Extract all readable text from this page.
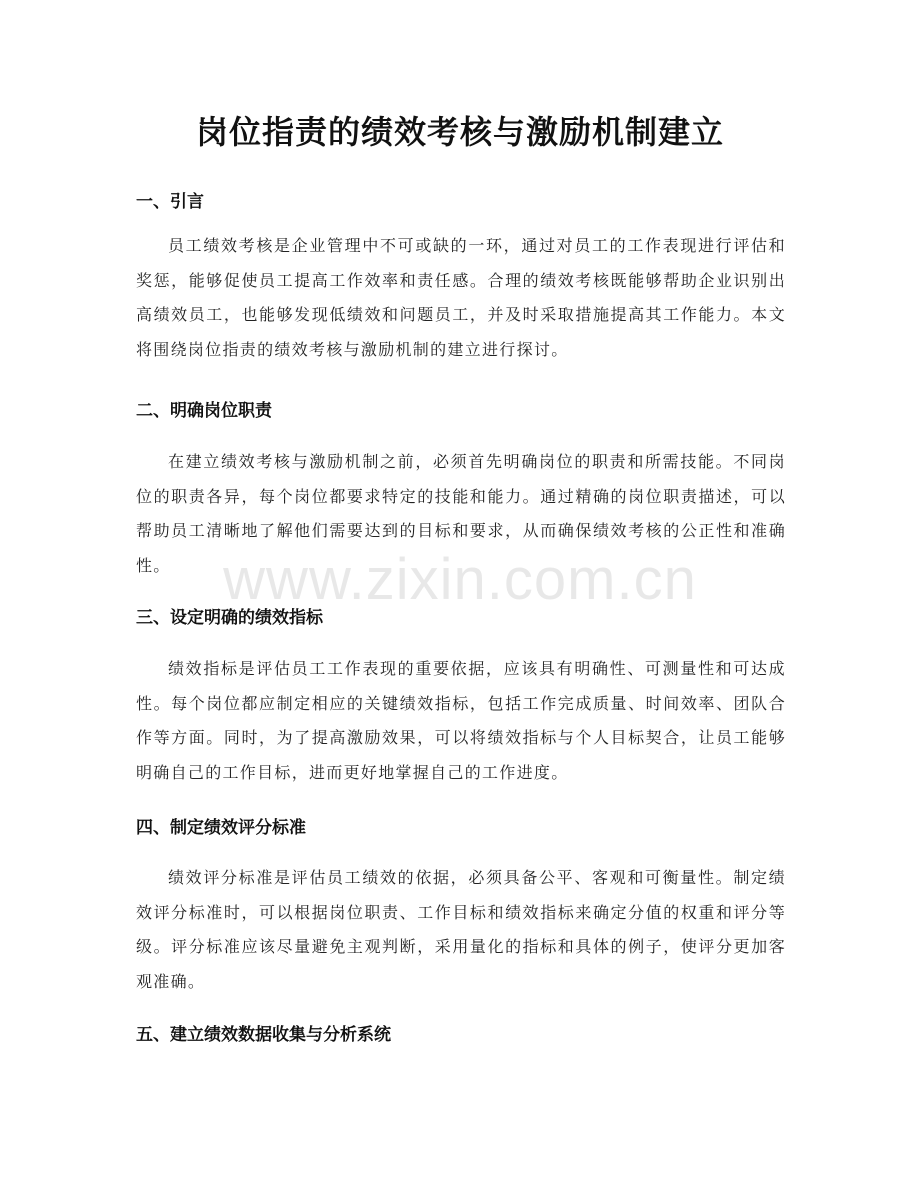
www.zixin.com.cn
岗位指责的绩效考核与激励机制建立
一、引言

员工绩效考核是企业管理中不可或缺的一环，通过对员工的工作表现进行评估和奖惩，能够促使员工提高工作效率和责任感。合理的绩效考核既能够帮助企业识别出高绩效员工，也能够发现低绩效和问题员工，并及时采取措施提高其工作能力。本文将围绕岗位指责的绩效考核与激励机制的建立进行探讨。

二、明确岗位职责

在建立绩效考核与激励机制之前，必须首先明确岗位的职责和所需技能。不同岗位的职责各异，每个岗位都要求特定的技能和能力。通过精确的岗位职责描述，可以帮助员工清晰地了解他们需要达到的目标和要求，从而确保绩效考核的公正性和准确性。

三、设定明确的绩效指标

绩效指标是评估员工工作表现的重要依据，应该具有明确性、可测量性和可达成性。每个岗位都应制定相应的关键绩效指标，包括工作完成质量、时间效率、团队合作等方面。同时，为了提高激励效果，可以将绩效指标与个人目标契合，让员工能够明确自己的工作目标，进而更好地掌握自己的工作进度。

四、制定绩效评分标准

绩效评分标准是评估员工绩效的依据，必须具备公平、客观和可衡量性。制定绩效评分标准时，可以根据岗位职责、工作目标和绩效指标来确定分值的权重和评分等级。评分标准应该尽量避免主观判断，采用量化的指标和具体的例子，使评分更加客观准确。

五、建立绩效数据收集与分析系统
